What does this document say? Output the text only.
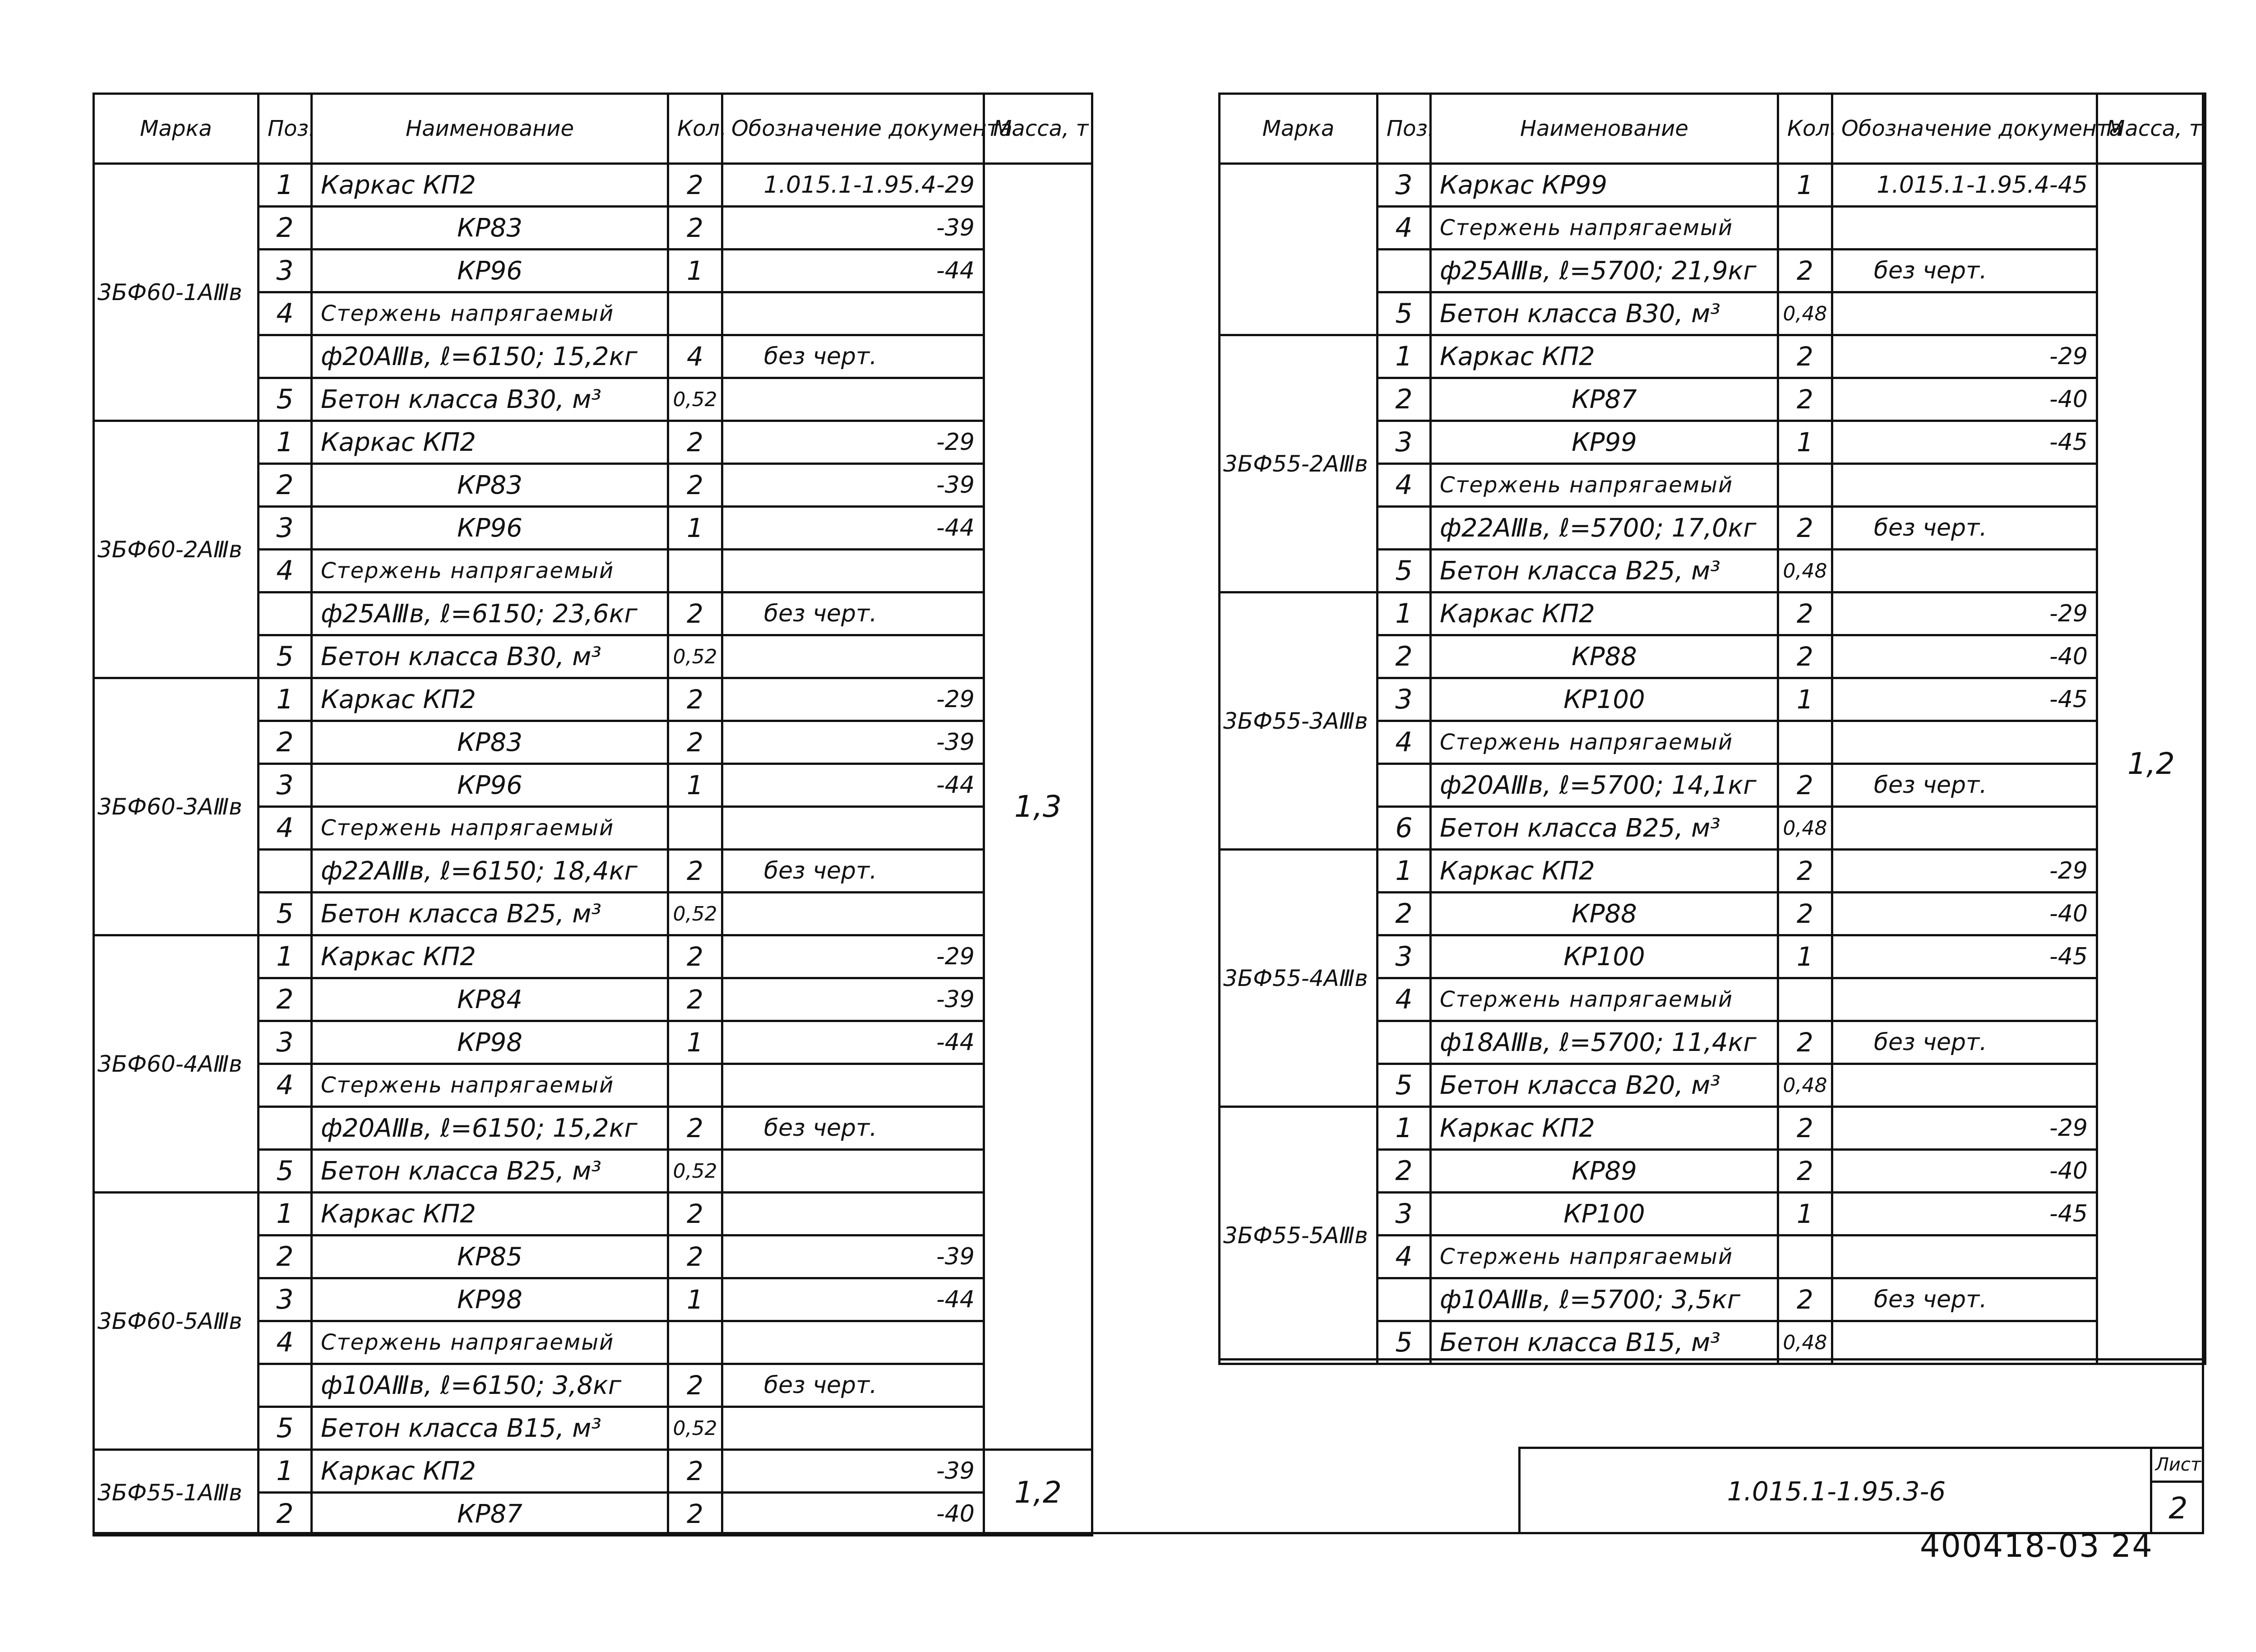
Марка	Поз.	Наименование	Кол.	Обозначение документа	Масса, т
3БФ60-1АⅢв	1	Каркас КП2	2	1.015.1-1.95.4-29	1,3
	2	КР83	2	-39	
	3	КР96	1	-44	
	4	Стержень напрягаемый			
		ф20АⅢв, ℓ=6150; 15,2кг	4	без черт.	
	5	Бетон класса В30, м³	0,52		
3БФ60-2АⅢв	1	Каркас КП2	2	-29	
	2	КР83	2	-39	
	3	КР96	1	-44	
	4	Стержень напрягаемый			
		ф25АⅢв, ℓ=6150; 23,6кг	2	без черт.	
	5	Бетон класса В30, м³	0,52		
3БФ60-3АⅢв	1	Каркас КП2	2	-29	
	2	КР83	2	-39	
	3	КР96	1	-44	
	4	Стержень напрягаемый			
		ф22АⅢв, ℓ=6150; 18,4кг	2	без черт.	
	5	Бетон класса В25, м³	0,52		
3БФ60-4АⅢв	1	Каркас КП2	2	-29	
	2	КР84	2	-39	
	3	КР98	1	-44	
	4	Стержень напрягаемый			
		ф20АⅢв, ℓ=6150; 15,2кг	2	без черт.	
	5	Бетон класса В25, м³	0,52		
3БФ60-5АⅢв	1	Каркас КП2	2		
	2	КР85	2	-39	
	3	КР98	1	-44	
	4	Стержень напрягаемый			
		ф10АⅢв, ℓ=6150; 3,8кг	2	без черт.	
	5	Бетон класса В15, м³	0,52		
3БФ55-1АⅢв	1	Каркас КП2	2	-39	1,2
	2	КР87	2	-40	
Марка	Поз.	Наименование	Кол.	Обозначение документа	Масса, т
	3	Каркас КР99	1	1.015.1-1.95.4-45	1,2
	4	Стержень напрягаемый			
		ф25АⅢв, ℓ=5700; 21,9кг	2	без черт.	
	5	Бетон класса В30, м³	0,48		
3БФ55-2АⅢв	1	Каркас КП2	2	-29	
	2	КР87	2	-40	
	3	КР99	1	-45	
	4	Стержень напрягаемый			
		ф22АⅢв, ℓ=5700; 17,0кг	2	без черт.	
	5	Бетон класса В25, м³	0,48		
3БФ55-3АⅢв	1	Каркас КП2	2	-29	
	2	КР88	2	-40	
	3	КР100	1	-45	
	4	Стержень напрягаемый			
		ф20АⅢв, ℓ=5700; 14,1кг	2	без черт.	
	6	Бетон класса В25, м³	0,48		
3БФ55-4АⅢв	1	Каркас КП2	2	-29	
	2	КР88	2	-40	
	3	КР100	1	-45	
	4	Стержень напрягаемый			
		ф18АⅢв, ℓ=5700; 11,4кг	2	без черт.	
	5	Бетон класса В20, м³	0,48		
3БФ55-5АⅢв	1	Каркас КП2	2	-29	
	2	КР89	2	-40	
	3	КР100	1	-45	
	4	Стержень напрягаемый			
		ф10АⅢв, ℓ=5700; 3,5кг	2	без черт.	
	5	Бетон класса В15, м³	0,48		
1.015.1-1.95.3-6
Лист
2
400418-03 24
